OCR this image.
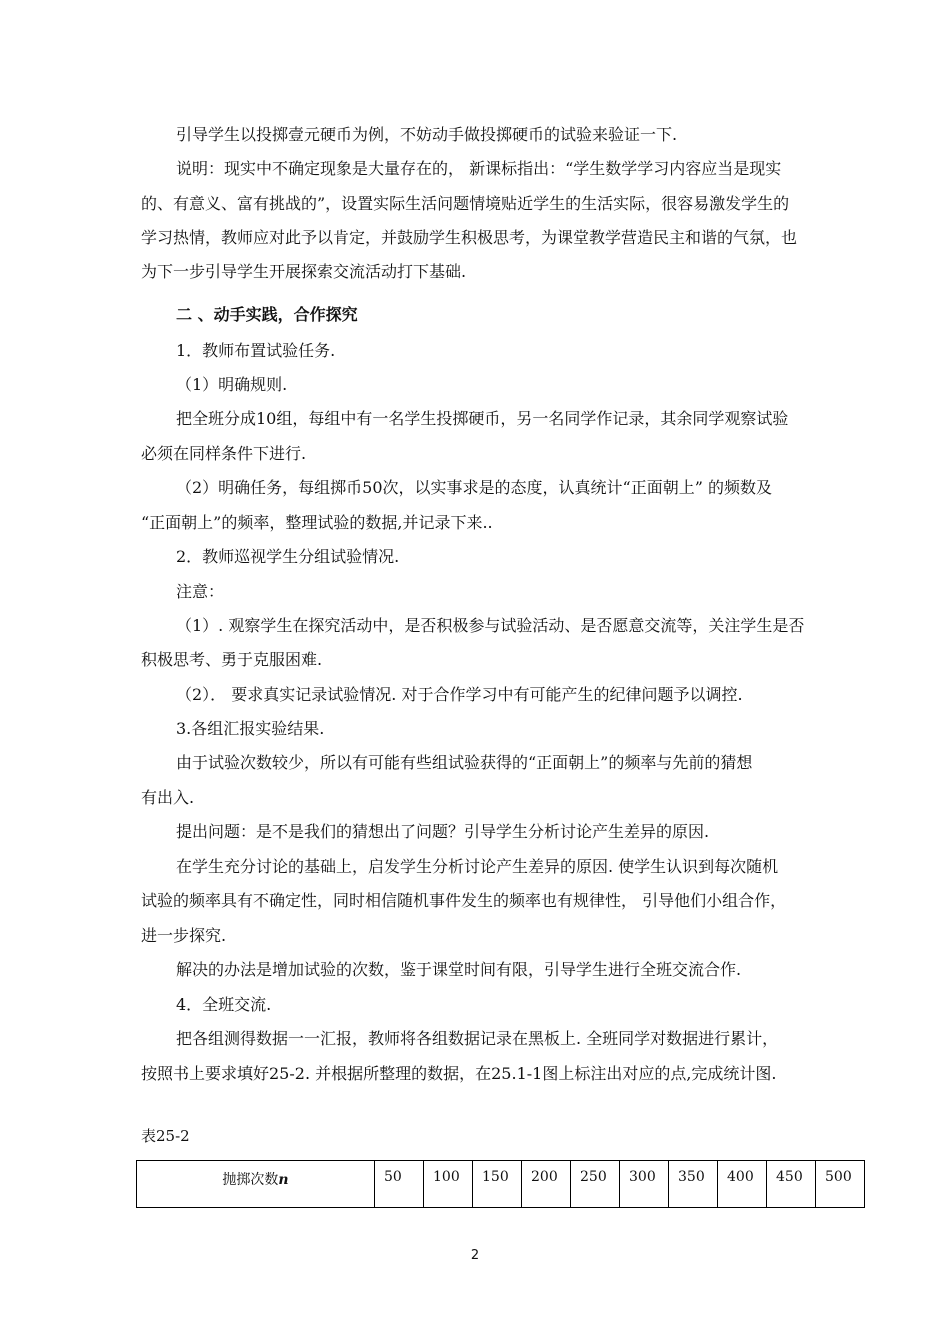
引导学生以投掷壹元硬币为例，不妨动手做投掷硬币的试验来验证一下.

说明：现实中不确定现象是大量存在的， 新课标指出：“学生数学学习内容应当是现实

的、有意义、富有挑战的”，设置实际生活问题情境贴近学生的生活实际，很容易激发学生的

学习热情，教师应对此予以肯定，并鼓励学生积极思考，为课堂教学营造民主和谐的气氛，也

为下一步引导学生开展探索交流活动打下基础.

二 、动手实践，合作探究

1．教师布置试验任务.

（1）明确规则.

把全班分成10组，每组中有一名学生投掷硬币，另一名同学作记录，其余同学观察试验

必须在同样条件下进行.

（2）明确任务，每组掷币50次，以实事求是的态度，认真统计“正面朝上” 的频数及

“正面朝上”的频率，整理试验的数据,并记录下来..

2．教师巡视学生分组试验情况.

注意：

（1）. 观察学生在探究活动中，是否积极参与试验活动、是否愿意交流等，关注学生是否

积极思考、勇于克服困难.

（2）． 要求真实记录试验情况. 对于合作学习中有可能产生的纪律问题予以调控.

3.各组汇报实验结果.

由于试验次数较少，所以有可能有些组试验获得的“正面朝上”的频率与先前的猜想

有出入.

提出问题：是不是我们的猜想出了问题？引导学生分析讨论产生差异的原因.

在学生充分讨论的基础上，启发学生分析讨论产生差异的原因. 使学生认识到每次随机

试验的频率具有不确定性，同时相信随机事件发生的频率也有规律性， 引导他们小组合作，

进一步探究.

解决的办法是增加试验的次数，鉴于课堂时间有限，引导学生进行全班交流合作.

4．全班交流.

把各组测得数据一一汇报，教师将各组数据记录在黑板上. 全班同学对数据进行累计，

按照书上要求填好25-2. 并根据所整理的数据，在25.1-1图上标注出对应的点,完成统计图.

表25-2

抛掷次数n	50	100	150	200	250	300	350	400	450	500
2
